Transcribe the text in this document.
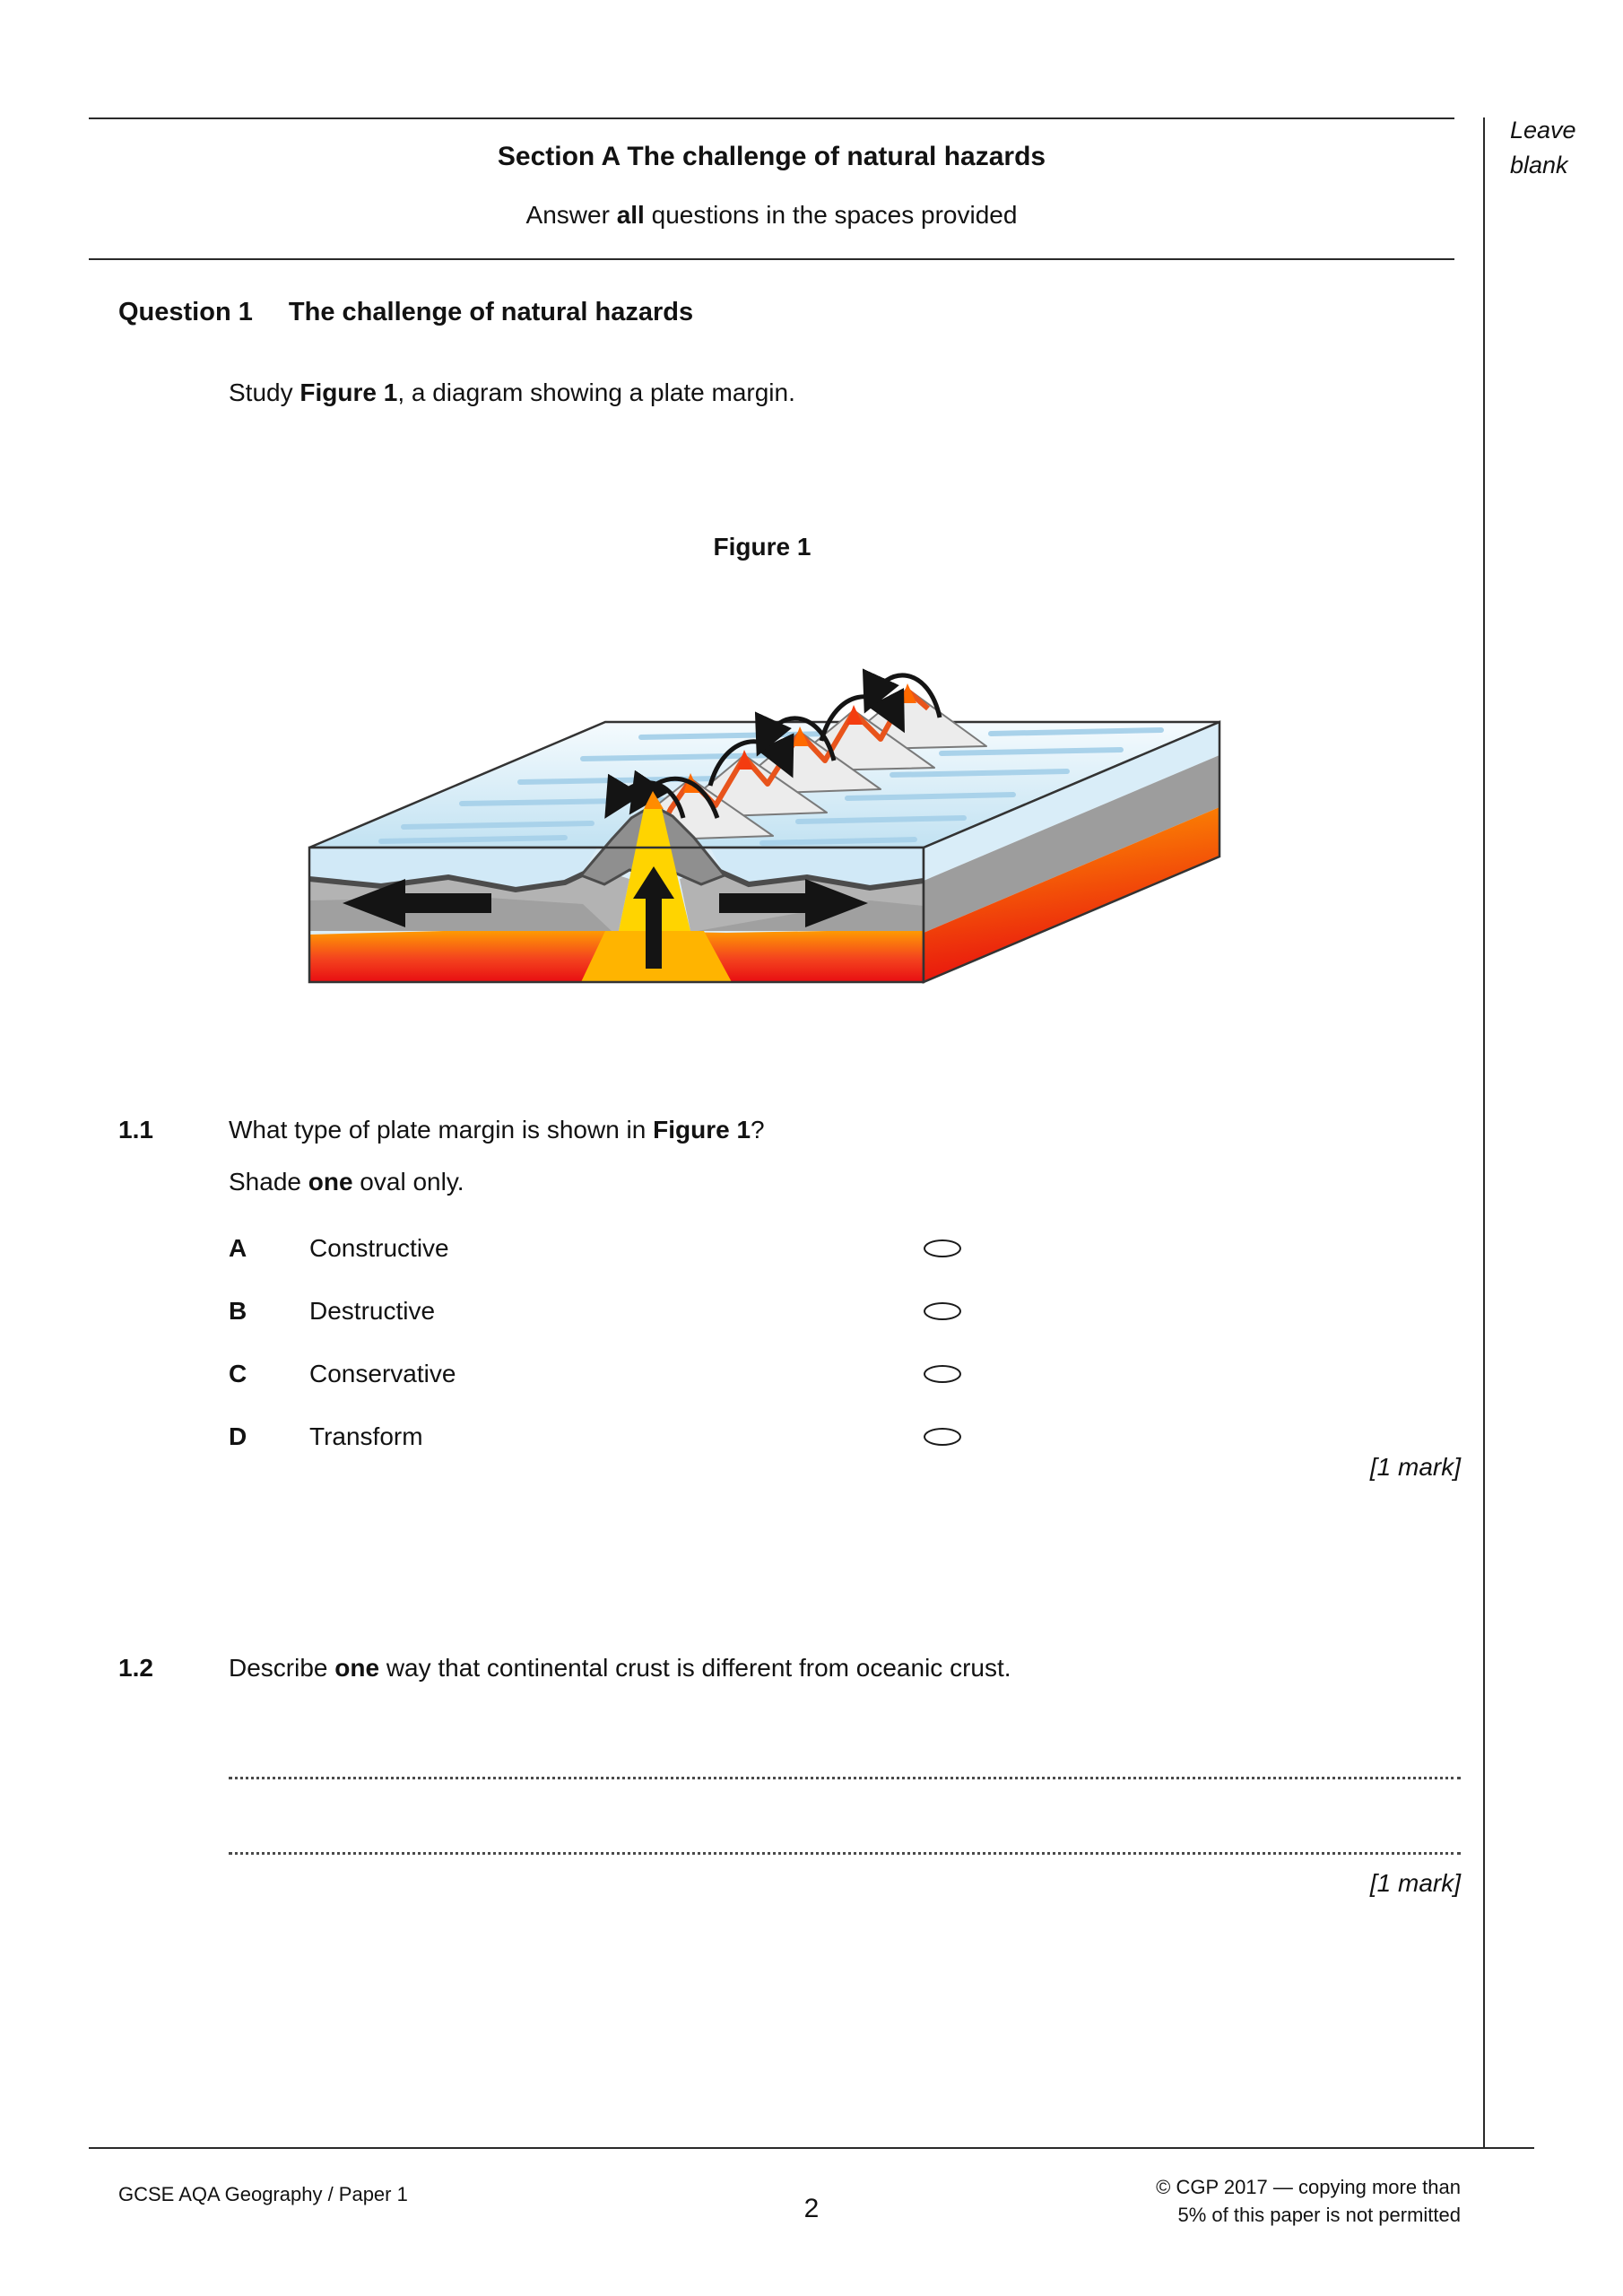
Leave
blank
Section A The challenge of natural hazards
Answer all questions in the spaces provided
Question 1 The challenge of natural hazards
Study Figure 1, a diagram showing a plate margin.
Figure 1
1.1	What type of plate margin is shown in Figure 1?
Shade one oval only.
A Constructive
B Destructive
C Conservative
D Transform
[1 mark]
1.2	Describe one way that continental crust is different from oceanic crust.
[1 mark]
GCSE AQA Geography / Paper 1	2
© CGP 2017 — copying more than
5% of this paper is not permitted
